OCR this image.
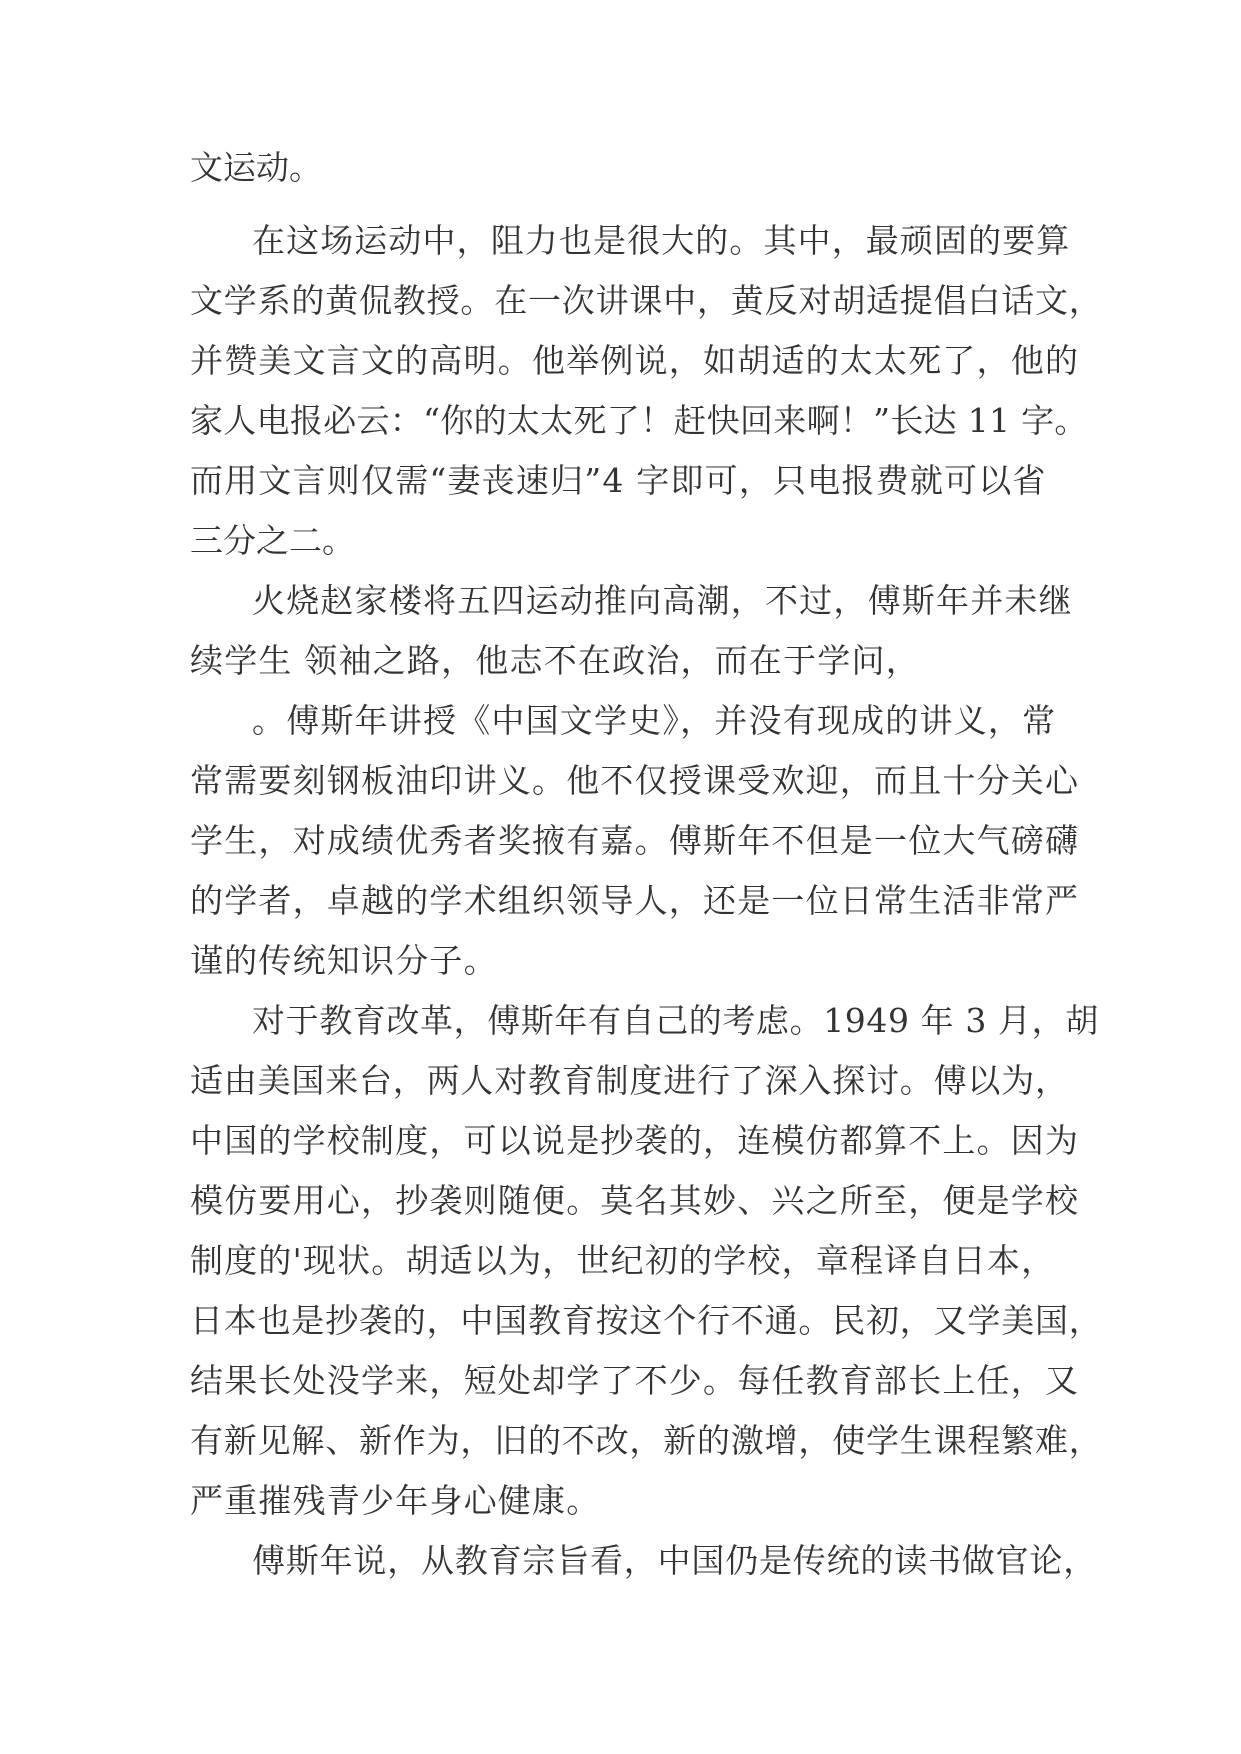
文运动。

在这场运动中，阻力也是很大的。其中，最顽固的要算

文学系的黄侃教授。在一次讲课中，黄反对胡适提倡白话文，

并赞美文言文的高明。他举例说，如胡适的太太死了，他的

家人电报必云：“你的太太死了！赶快回来啊！”长达 11 字。

而用文言则仅需“妻丧速归”4 字即可，只电报费就可以省

三分之二。

火烧赵家楼将五四运动推向高潮，不过，傅斯年并未继

续学生 领袖之路，他志不在政治，而在于学问，

。傅斯年讲授《中国文学史》，并没有现成的讲义，常

常需要刻钢板油印讲义。他不仅授课受欢迎，而且十分关心

学生，对成绩优秀者奖掖有嘉。傅斯年不但是一位大气磅礴

的学者，卓越的学术组织领导人，还是一位日常生活非常严

谨的传统知识分子。

对于教育改革，傅斯年有自己的考虑。1949 年 3 月，胡

适由美国来台，两人对教育制度进行了深入探讨。傅以为，

中国的学校制度，可以说是抄袭的，连模仿都算不上。因为

模仿要用心，抄袭则随便。莫名其妙、兴之所至，便是学校

制度的'现状。胡适以为，世纪初的学校，章程译自日本，

日本也是抄袭的，中国教育按这个行不通。民初，又学美国，

结果长处没学来，短处却学了不少。每任教育部长上任，又

有新见解、新作为，旧的不改，新的激增，使学生课程繁难，

严重摧残青少年身心健康。

傅斯年说，从教育宗旨看，中国仍是传统的读书做官论，
